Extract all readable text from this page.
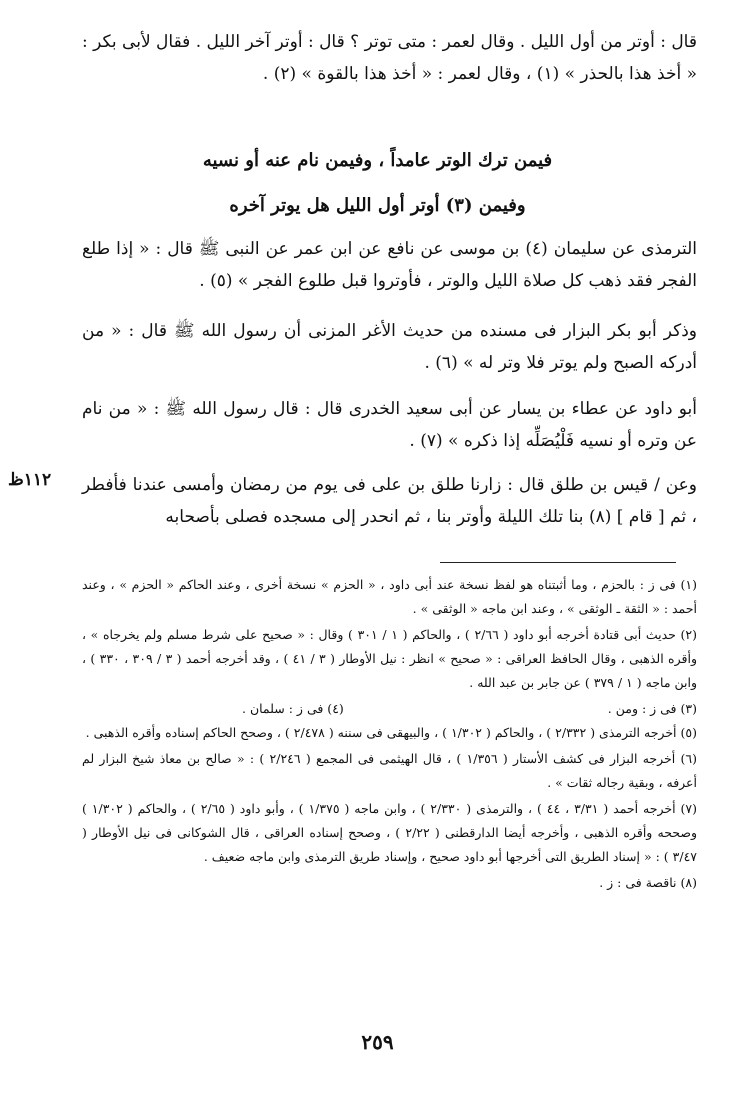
قال : أوتر من أول الليل . وقال لعمر : متى توتر ؟ قال : أوتر آخر الليل . فقال لأبى بكر : « أخذ هذا بالحذر » (١) ، وقال لعمر : « أخذ هذا بالقوة » (٢) .
فيمن ترك الوتر عامداً ، وفيمن نام عنه أو نسيه
وفيمن (٣) أوتر أول الليل هل يوتر آخره
الترمذى عن سليمان (٤) بن موسى عن نافع عن ابن عمر عن النبى ﷺ قال : « إذا طلع الفجر فقد ذهب كل صلاة الليل والوتر ، فأوتروا قبل طلوع الفجر » (٥) .
وذكر أبو بكر البزار فى مسنده من حديث الأغر المزنى أن رسول الله ﷺ قال : « من أدركه الصبح ولم يوتر فلا وتر له » (٦) .
أبو داود عن عطاء بن يسار عن أبى سعيد الخدرى قال : قال رسول الله ﷺ : « من نام عن وتره أو نسيه فَلْيُصَلِّه إذا ذكره » (٧) .
وعن / قيس بن طلق قال : زارنا طلق بن على فى يوم من رمضان وأمسى عندنا فأفطر ، ثم [ قام ] (٨) بنا تلك الليلة وأوتر بنا ، ثم انحدر إلى مسجده فصلى بأصحابه
١١٢ظ
(١) فى ز : بالحزم ، وما أثبتناه هو لفظ نسخة عند أبى داود ، « الحزم » نسخة أخرى ، وعند الحاكم « الحزم » ، وعند أحمد : « الثقة ـ الوثقى » ، وعند ابن ماجه « الوثقى » .
(٢) حديث أبى قتادة أخرجه أبو داود ( ٢/٦٦ ) ، والحاكم ( ١ / ٣٠١ ) وقال : « صحيح على شرط مسلم ولم يخرجاه » ، وأقره الذهبى ، وقال الحافظ العراقى : « صحيح » انظر : نيل الأوطار ( ٣ / ٤١ ) ، وقد أخرجه أحمد ( ٣ / ٣٠٩ ، ٣٣٠ ) ، وابن ماجه ( ١ / ٣٧٩ ) عن جابر بن عبد الله .
(٣) فى ز : ومن .
(٤) فى ز : سلمان .
(٥) أخرجه الترمذى ( ٢/٣٣٢ ) ، والحاكم ( ١/٣٠٢ ) ، والبيهقى فى سننه ( ٢/٤٧٨ ) ، وصحح الحاكم إسناده وأقره الذهبى .
(٦) أخرجه البزار فى كشف الأستار ( ١/٣٥٦ ) ، قال الهيثمى فى المجمع ( ٢/٢٤٦ ) : « صالح بن معاذ شيخ البزار لم أعرفه ، وبقية رجاله ثقات » .
(٧) أخرجه أحمد ( ٣/٣١ ، ٤٤ ) ، والترمذى ( ٢/٣٣٠ ) ، وابن ماجه ( ١/٣٧٥ ) ، وأبو داود ( ٢/٦٥ ) ، والحاكم ( ١/٣٠٢ ) وصححه وأقره الذهبى ، وأخرجه أيضا الدارقطنى ( ٢/٢٢ ) ، وصحح إسناده العراقى ، قال الشوكانى فى نيل الأوطار ( ٣/٤٧ ) : « إسناد الطريق التى أخرجها أبو داود صحيح ، وإسناد طريق الترمذى وابن ماجه ضعيف .
(٨) ناقصة فى : ز .
٢٥٩
